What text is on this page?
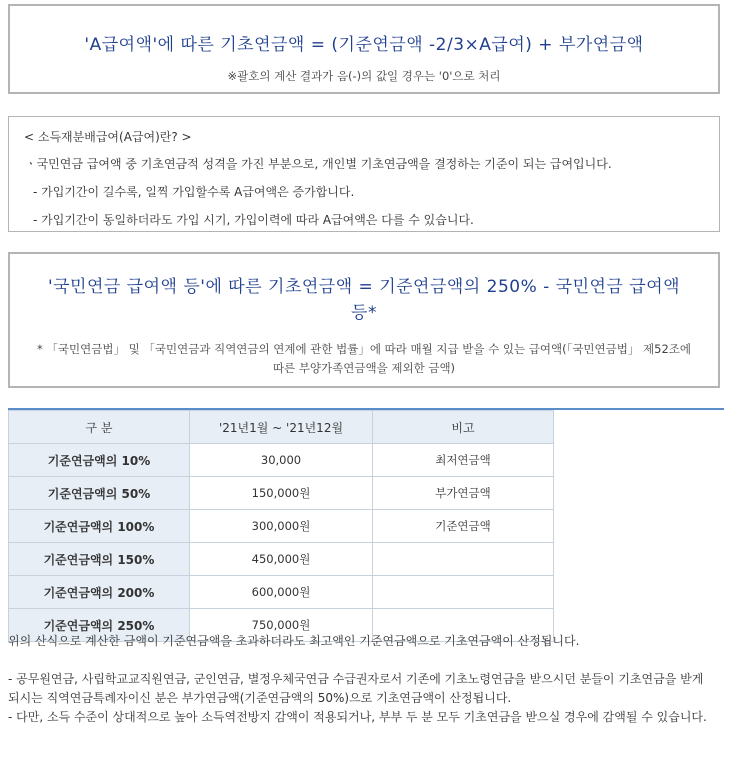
'A급여액'에 따른 기초연금액 = (기준연금액 -2/3×A급여) + 부가연금액
※괄호의 계산 결과가 음(-)의 값일 경우는 '0'으로 처리
< 소득재분배급여(A급여)란? >
ㆍ국민연금 급여액 중 기초연금적 성격을 가진 부분으로, 개인별 기초연금액을 결정하는 기준이 되는 급여입니다.
- 가입기간이 길수록, 일찍 가입할수록 A급여액은 증가합니다.
- 가입기간이 동일하더라도 가입 시기, 가입이력에 따라 A급여액은 다를 수 있습니다.
'국민연금 급여액 등'에 따른 기초연금액 = 기준연금액의 250% - 국민연금 급여액 등*
* 「국민연금법」 및 「국민연금과 직역연금의 연계에 관한 법률」에 따라 매월 지급 받을 수 있는 급여액(「국민연금법」 제52조에 따른 부양가족연금액을 제외한 금액)
구 분	'21년1월 ~ '21년12월	비고
기준연금액의 10%	30,000	최저연금액
기준연금액의 50%	150,000원	부가연금액
기준연금액의 100%	300,000원	기준연금액
기준연금액의 150%	450,000원	
기준연금액의 200%	600,000원	
기준연금액의 250%	750,000원	
위의 산식으로 계산한 금액이 기준연금액을 초과하더라도 최고액인 기준연금액으로 기초연금액이 산정됩니다.
- 공무원연금, 사립학교교직원연금, 군인연금, 별정우체국연금 수급권자로서 기존에 기초노령연금을 받으시던 분들이 기초연금을 받게 되시는 직역연금특례자이신 분은 부가연금액(기준연금액의 50%)으로 기초연금액이 산정됩니다.
- 다만, 소득 수준이 상대적으로 높아 소득역전방지 감액이 적용되거나, 부부 두 분 모두 기초연금을 받으실 경우에 감액될 수 있습니다.
